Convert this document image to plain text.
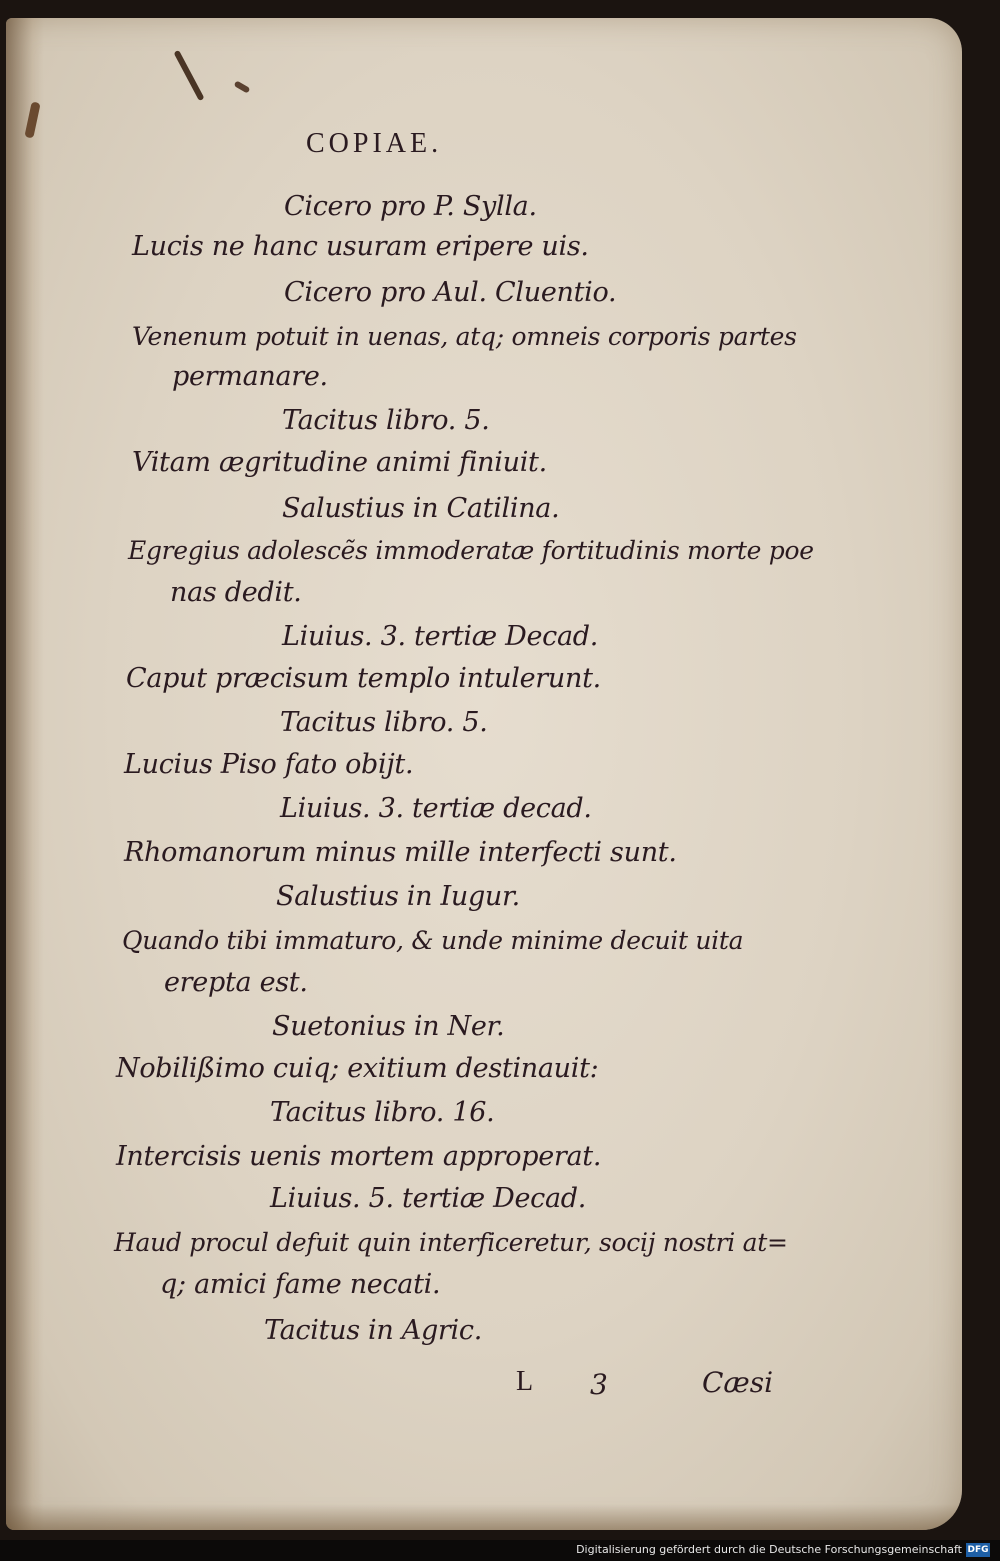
COPIAE.
Cicero pro P. Sylla.
Lucis ne hanc usuram eripere uis.
Cicero pro Aul. Cluentio.
Venenum potuit in uenas, atq; omneis corporis partes
permanare.
Tacitus libro. 5.
Vitam ægritudine animi finiuit.
Salustius in Catilina.
Egregius adolescẽs immoderatæ fortitudinis morte poe
nas dedit.
Liuius. 3. tertiæ Decad.
Caput præcisum templo intulerunt.
Tacitus libro. 5.
Lucius Piso fato obijt.
Liuius. 3. tertiæ decad.
Rhomanorum minus mille interfecti sunt.
Salustius in Iugur.
Quando tibi immaturo, & unde minime decuit uita
erepta est.
Suetonius in Ner.
Nobilißimo cuiq; exitium destinauit:
Tacitus libro. 16.
Intercisis uenis mortem approperat.
Liuius. 5. tertiæ Decad.
Haud procul defuit quin interficeretur, socij nostri at=
q; amici fame necati.
Tacitus in Agric.
L 3	Cæsi
Digitalisierung gefördert durch die Deutsche Forschungsgemeinschaft DFG
